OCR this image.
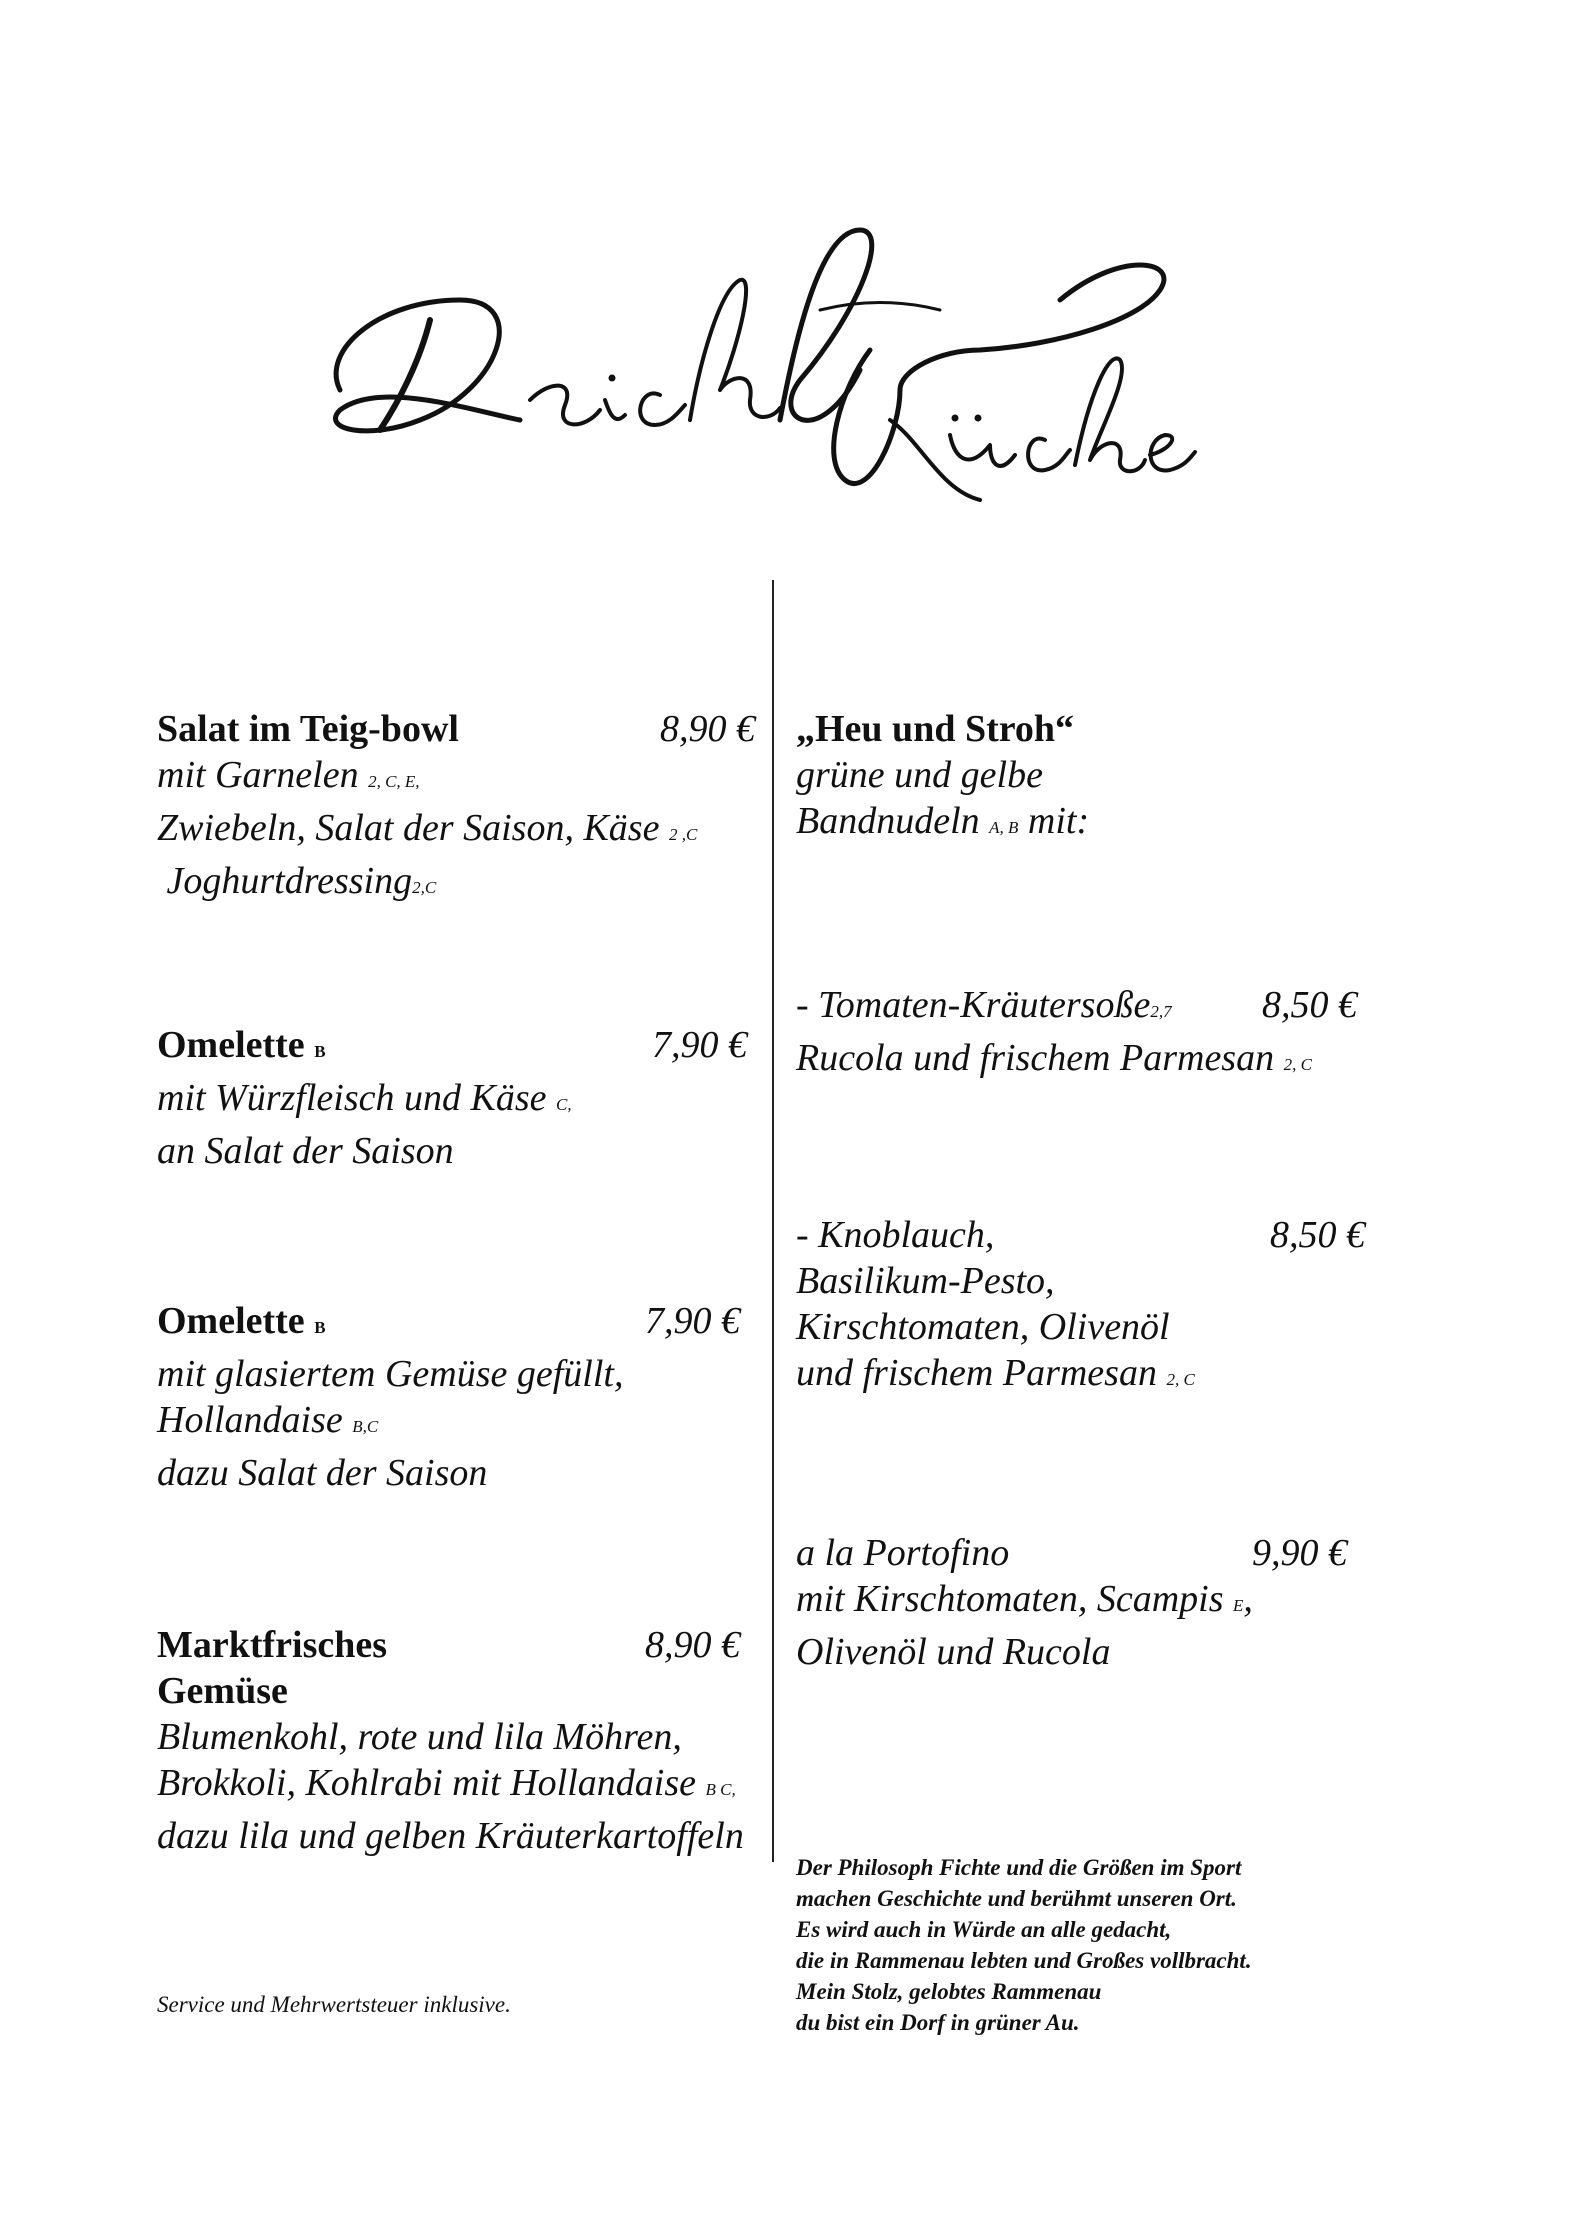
Salat im Teig-bowl
mit Garnelen 2, C, E,
Zwiebeln, Salat der Saison, Käse 2 ,C
Joghurtdressing2,C
8,90 €
Omelette B
mit Würzfleisch und Käse C,
an Salat der Saison
7,90 €
Omelette B
mit glasiertem Gemüse gefüllt,
Hollandaise B,C
dazu Salat der Saison
7,90 €
Marktfrisches
Gemüse
Blumenkohl, rote und lila Möhren,
Brokkoli, Kohlrabi mit Hollandaise B C,
dazu lila und gelben Kräuterkartoffeln
8,90 €
„Heu und Stroh“
grüne und gelbe
Bandnudeln A, B mit:
- Tomaten-Kräutersoße2,7
Rucola und frischem Parmesan 2, C
8,50 €
- Knoblauch,
Basilikum-Pesto,
Kirschtomaten, Olivenöl
und frischem Parmesan 2, C
8,50 €
a la Portofino
mit Kirschtomaten, Scampis E,
Olivenöl und Rucola
9,90 €
Service und Mehrwertsteuer inklusive.
Der Philosoph Fichte und die Größen im Sport
machen Geschichte und berühmt unseren Ort.
Es wird auch in Würde an alle gedacht,
die in Rammenau lebten und Großes vollbracht.
Mein Stolz, gelobtes Rammenau
du bist ein Dorf in grüner Au.
